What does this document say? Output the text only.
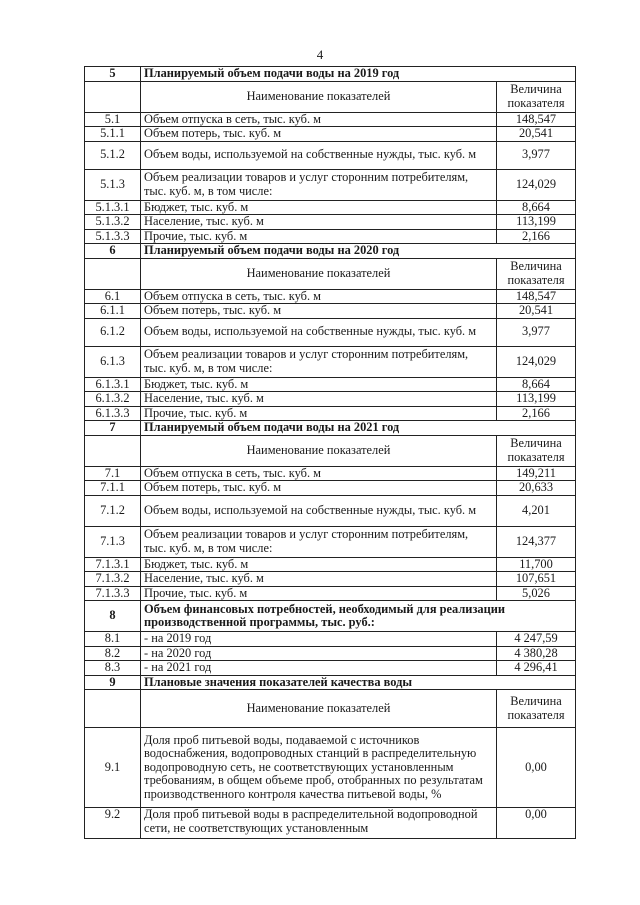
4
5	Планируемый объем подачи воды на 2019 год	
	Наименование показателей	Величина показателя
5.1	Объем отпуска в сеть, тыс. куб. м	148,547
5.1.1	Объем потерь, тыс. куб. м	20,541
5.1.2	Объем воды, используемой на собственные нужды, тыс. куб. м	3,977
5.1.3	Объем реализации товаров и услуг сторонним потребителям, тыс. куб. м, в том числе:	124,029
5.1.3.1	Бюджет, тыс. куб. м	8,664
5.1.3.2	Население, тыс. куб. м	113,199
5.1.3.3	Прочие, тыс. куб. м	2,166
6	Планируемый объем подачи воды на 2020 год	
	Наименование показателей	Величина показателя
6.1	Объем отпуска в сеть, тыс. куб. м	148,547
6.1.1	Объем потерь, тыс. куб. м	20,541
6.1.2	Объем воды, используемой на собственные нужды, тыс. куб. м	3,977
6.1.3	Объем реализации товаров и услуг сторонним потребителям, тыс. куб. м, в том числе:	124,029
6.1.3.1	Бюджет, тыс. куб. м	8,664
6.1.3.2	Население, тыс. куб. м	113,199
6.1.3.3	Прочие, тыс. куб. м	2,166
7	Планируемый объем подачи воды на 2021 год	
	Наименование показателей	Величина показателя
7.1	Объем отпуска в сеть, тыс. куб. м	149,211
7.1.1	Объем потерь, тыс. куб. м	20,633
7.1.2	Объем воды, используемой на собственные нужды, тыс. куб. м	4,201
7.1.3	Объем реализации товаров и услуг сторонним потребителям, тыс. куб. м, в том числе:	124,377
7.1.3.1	Бюджет, тыс. куб. м	11,700
7.1.3.2	Население, тыс. куб. м	107,651
7.1.3.3	Прочие, тыс. куб. м	5,026
8	Объем финансовых потребностей, необходимый для реализации производственной программы, тыс. руб.:	
8.1	- на 2019 год	4 247,59
8.2	- на 2020 год	4 380,28
8.3	- на 2021 год	4 296,41
9	Плановые значения показателей качества воды	
	Наименование показателей	Величина показателя
9.1	Доля проб питьевой воды, подаваемой с источников водоснабжения, водопроводных станций в распределительную водопроводную сеть, не соответствующих установленным требованиям, в общем объеме проб, отобранных по результатам производственного контроля качества питьевой воды, %	0,00
9.2	Доля проб питьевой воды в распределительной водопроводной сети, не соответствующих установленным	0,00
